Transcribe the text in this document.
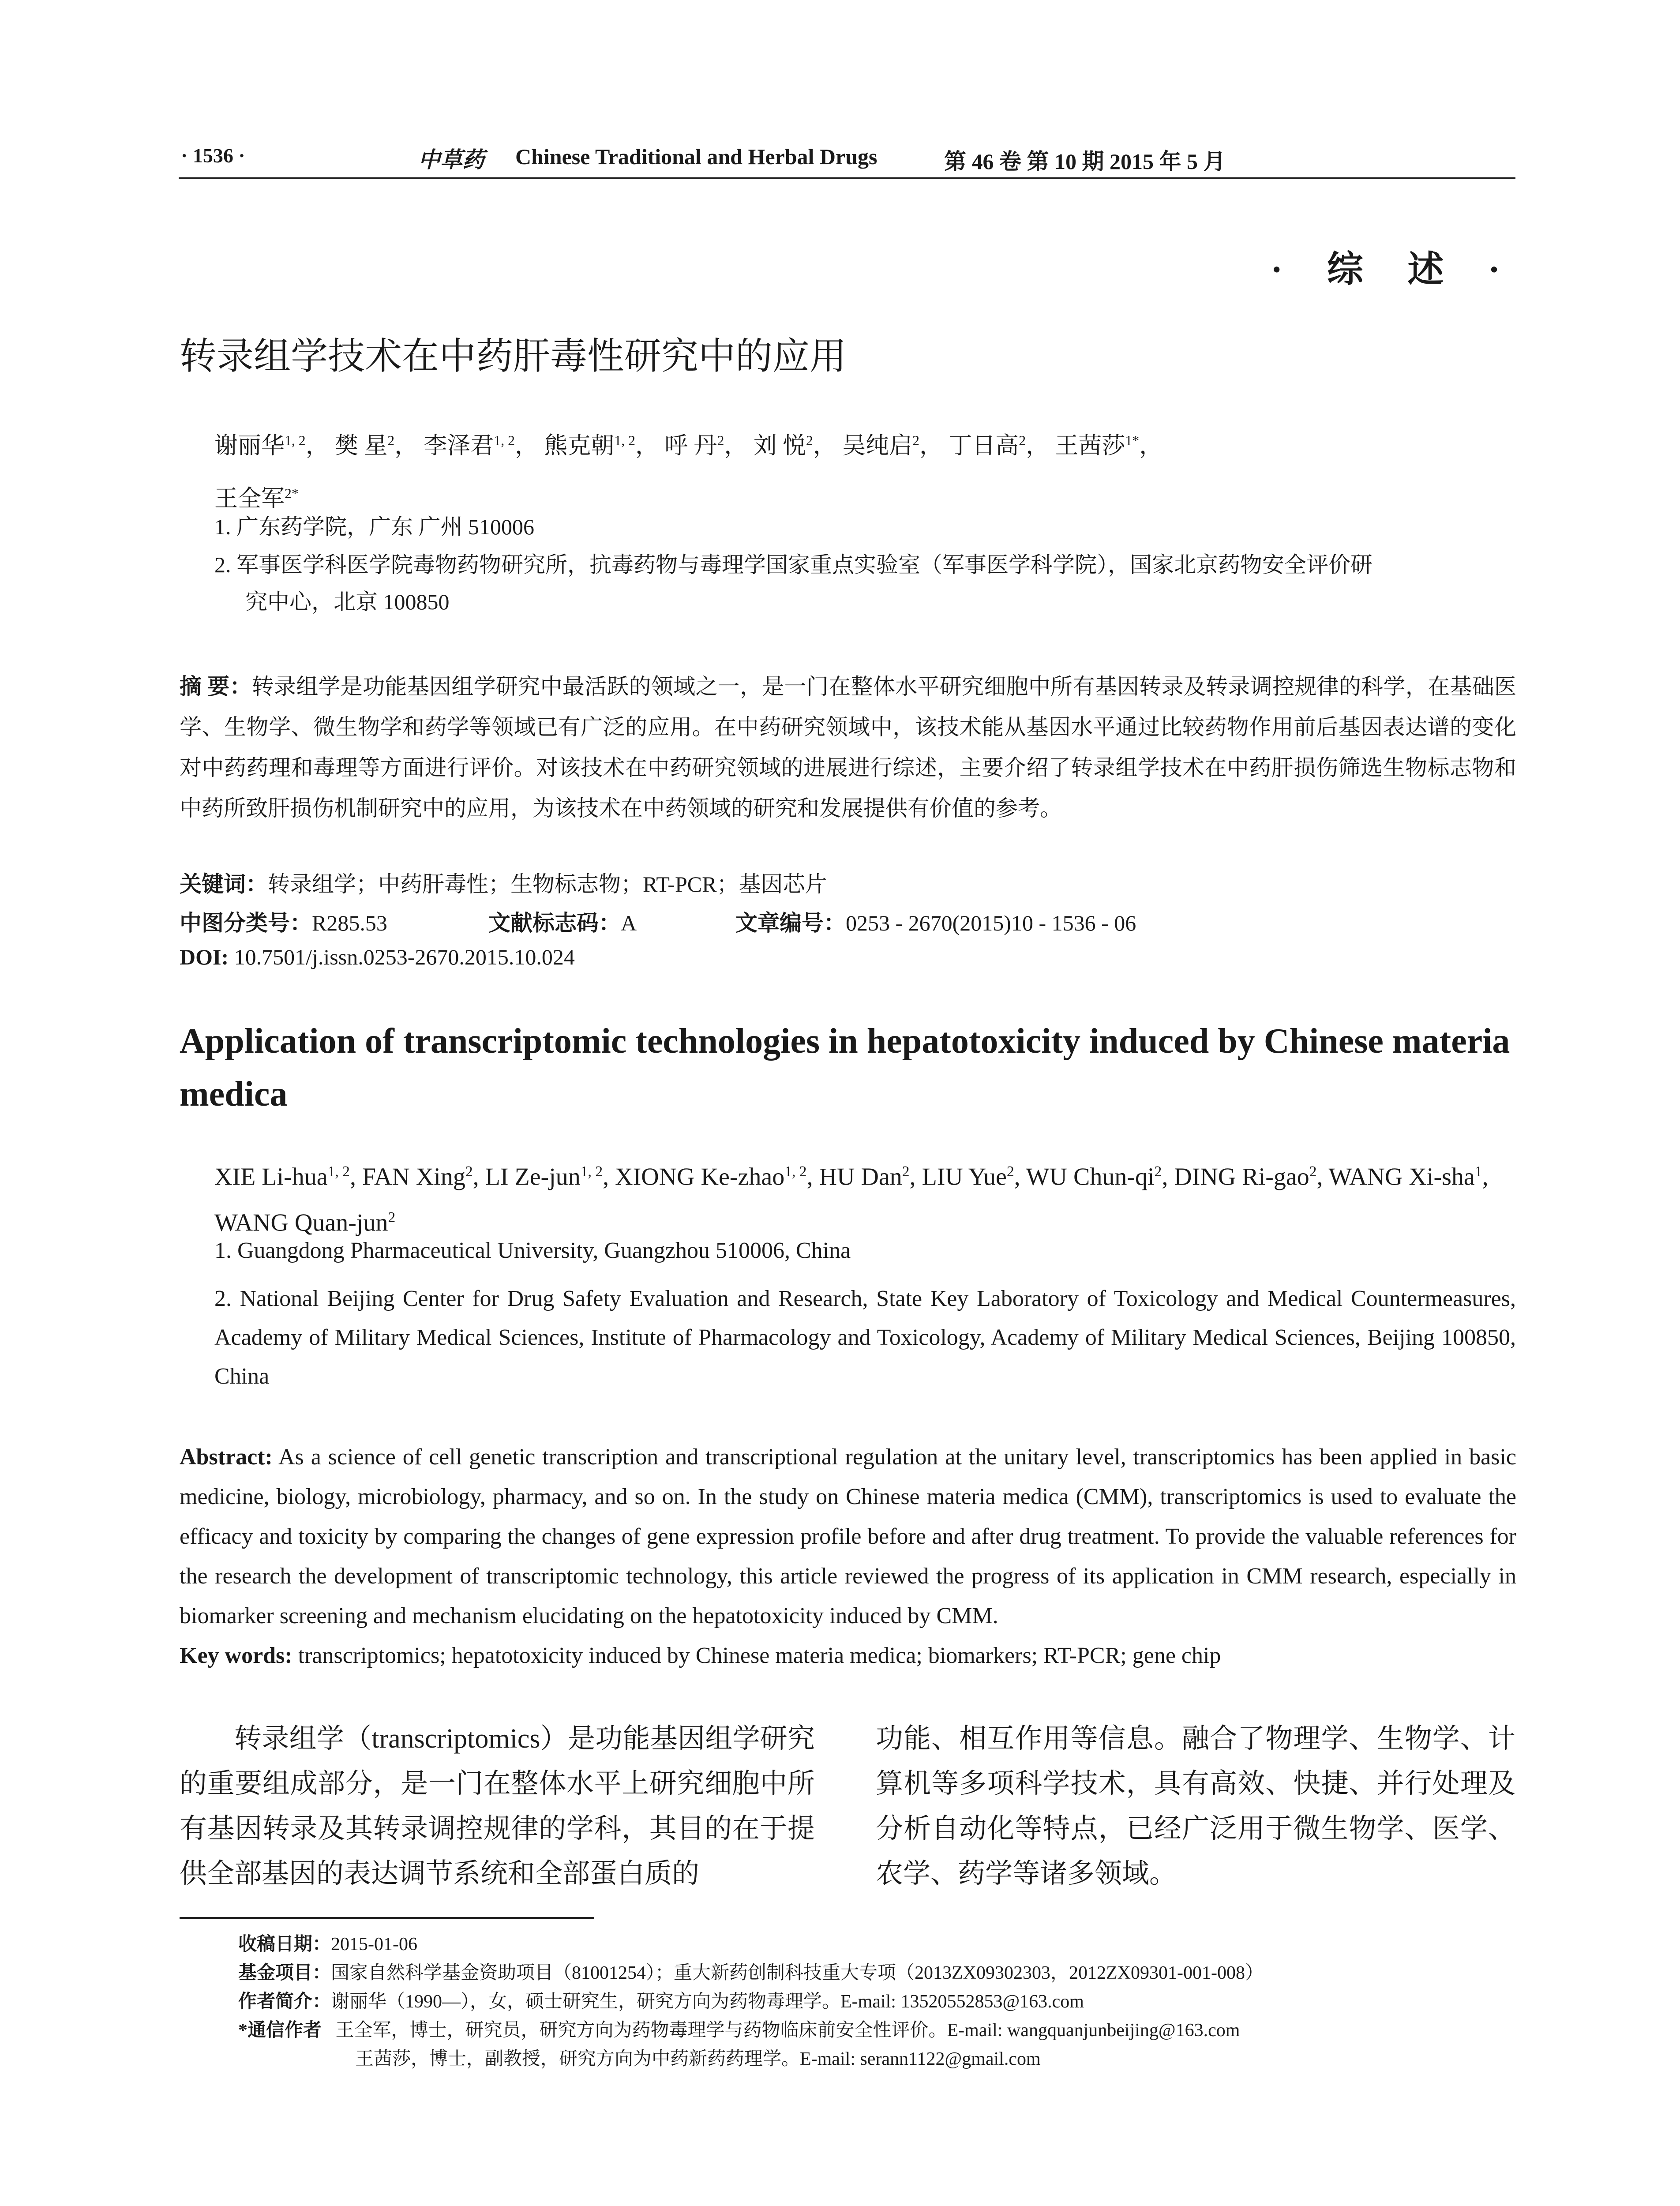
· 1536 ·	中草药 Chinese Traditional and Herbal Drugs	第 46 卷 第 10 期 2015 年 5 月
· 综 述 ·
转录组学技术在中药肝毒性研究中的应用
谢丽华$^{1, 2}$， 樊 星$^2$， 李泽君$^{1, 2}$， 熊克朝$^{1, 2}$， 呼 丹$^2$， 刘 悦$^2$， 吴纯启$^2$， 丁日高$^2$， 王茜莎$^{1*}$，
王全军$^{2*}$
1. 广东药学院，广东 广州 510006
2. 军事医学科医学院毒物药物研究所，抗毒药物与毒理学国家重点实验室（军事医学科学院），国家北京药物安全评价研
究中心，北京 100850
摘 要：转录组学是功能基因组学研究中最活跃的领域之一，是一门在整体水平研究细胞中所有基因转录及转录调控规律的科学，在基础医学、生物学、微生物学和药学等领域已有广泛的应用。在中药研究领域中，该技术能从基因水平通过比较药物作用前后基因表达谱的变化对中药药理和毒理等方面进行评价。对该技术在中药研究领域的进展进行综述，主要介绍了转录组学技术在中药肝损伤筛选生物标志物和中药所致肝损伤机制研究中的应用，为该技术在中药领域的研究和发展提供有价值的参考。
关键词：转录组学；中药肝毒性；生物标志物；RT-PCR；基因芯片
中图分类号：R285.53	文献标志码：A	文章编号：0253 - 2670(2015)10 - 1536 - 06
DOI: 10.7501/j.issn.0253-2670.2015.10.024
Application of transcriptomic technologies in hepatotoxicity induced by Chinese materia medica
XIE Li-hua$^{1, 2}$, FAN Xing$^2$, LI Ze-jun$^{1, 2}$, XIONG Ke-zhao$^{1, 2}$, HU Dan$^2$, LIU Yue$^2$, WU Chun-$qi^2$, DING Ri-gao$^2$, WANG Xi-sha$^1$, WANG Quan-jun$^2$
1. Guangdong Pharmaceutical University, Guangzhou 510006, China
2. National Beijing Center for Drug Safety Evaluation and Research, State Key Laboratory of Toxicology and Medical Countermeasures, Academy of Military Medical Sciences, Institute of Pharmacology and Toxicology, Academy of Military Medical Sciences, Beijing 100850, China
Abstract: As a science of cell genetic transcription and transcriptional regulation at the unitary level, transcriptomics has been applied in basic medicine, biology, microbiology, pharmacy, and so on. In the study on Chinese materia medica (CMM), transcriptomics is used to evaluate the efficacy and toxicity by comparing the changes of gene expression profile before and after drug treatment. To provide the valuable references for the research the development of transcriptomic technology, this article reviewed the progress of its application in CMM research, especially in biomarker screening and mechanism elucidating on the hepatotoxicity induced by CMM.
Key words: transcriptomics; hepatotoxicity induced by Chinese materia medica; biomarkers; RT-PCR; gene chip
转录组学（transcriptomics）是功能基因组学研究的重要组成部分，是一门在整体水平上研究细胞中所有基因转录及其转录调控规律的学科，其目的在于提供全部基因的表达调节系统和全部蛋白质的
功能、相互作用等信息。融合了物理学、生物学、计算机等多项科学技术，具有高效、快捷、并行处理及分析自动化等特点，已经广泛用于微生物学、医学、农学、药学等诸多领域。
收稿日期：2015-01-06
基金项目：国家自然科学基金资助项目（81001254）；重大新药创制科技重大专项（2013ZX09302303，2012ZX09301-001-008）
作者简介：谢丽华（1990—），女，硕士研究生，研究方向为药物毒理学。E-mail: 13520552853@163.com
*通信作者 王全军，博士，研究员，研究方向为药物毒理学与药物临床前安全性评价。E-mail: wangquanjunbeijing@163.com
王茜莎，博士，副教授，研究方向为中药新药药理学。E-mail: serann1122@gmail.com
